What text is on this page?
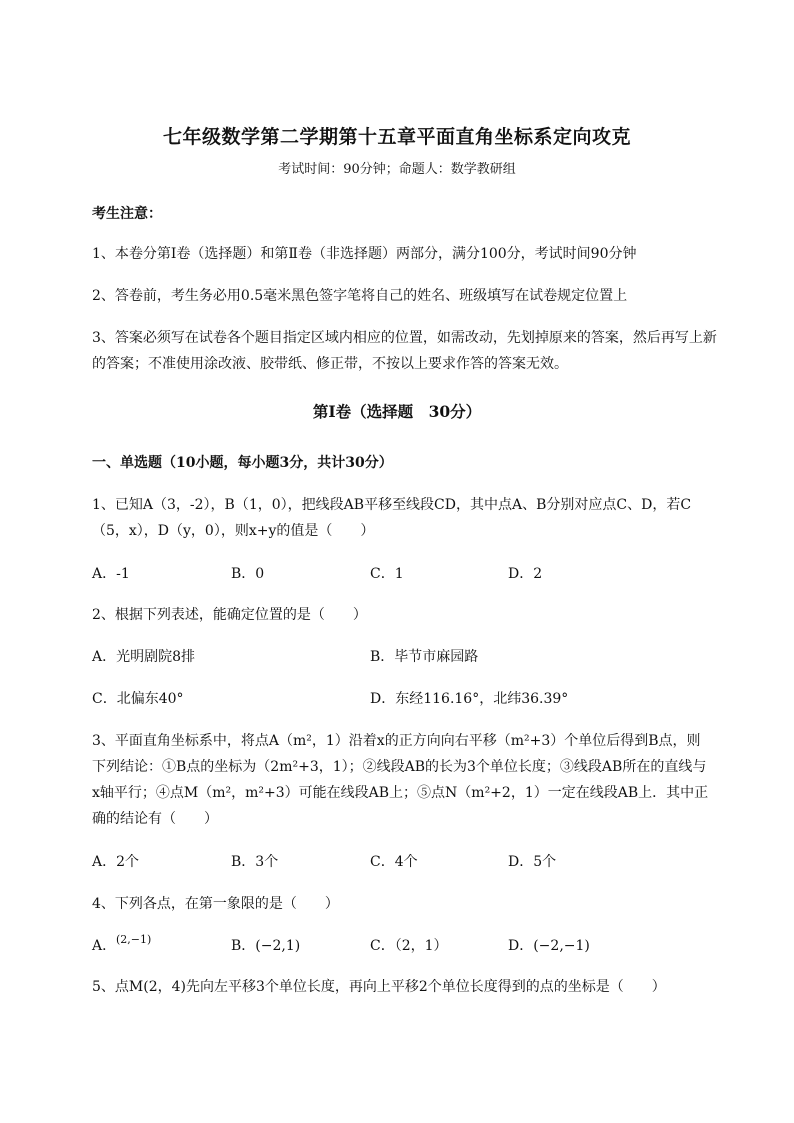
七年级数学第二学期第十五章平面直角坐标系定向攻克
考试时间：90分钟；命题人：数学教研组
考生注意：
1、本卷分第I卷（选择题）和第Ⅱ卷（非选择题）两部分，满分100分，考试时间90分钟
2、答卷前，考生务必用0.5毫米黑色签字笔将自己的姓名、班级填写在试卷规定位置上
3、答案必须写在试卷各个题目指定区域内相应的位置，如需改动，先划掉原来的答案，然后再写上新
的答案；不准使用涂改液、胶带纸、修正带，不按以上要求作答的答案无效。
第I卷（选择题　30分）
一、单选题（10小题，每小题3分，共计30分）
1、已知A（3，-2），B（1，0），把线段AB平移至线段CD，其中点A、B分别对应点C、D，若C
（5，x），D（y，0），则x+y的值是（　　）
A．-1	B．0	C．1	D．2
2、根据下列表述，能确定位置的是（　　）
A．光明剧院8排	B．毕节市麻园路
C．北偏东40°	D．东经116.16°，北纬36.39°
3、平面直角坐标系中，将点A（m²，1）沿着x的正方向向右平移（m²+3）个单位后得到B点，则
下列结论：①B点的坐标为（2m²+3，1）；②线段AB的长为3个单位长度；③线段AB所在的直线与
x轴平行；④点M（m²，m²+3）可能在线段AB上；⑤点N（m²+2，1）一定在线段AB上．其中正
确的结论有（　　）
A．2个	B．3个	C．4个	D．5个
4、下列各点，在第一象限的是（　　）
A． (2,−1)	B．(−2,1)	C．（2，1）	D．(−2,−1)
5、点M(2，4)先向左平移3个单位长度，再向上平移2个单位长度得到的点的坐标是（　　）
